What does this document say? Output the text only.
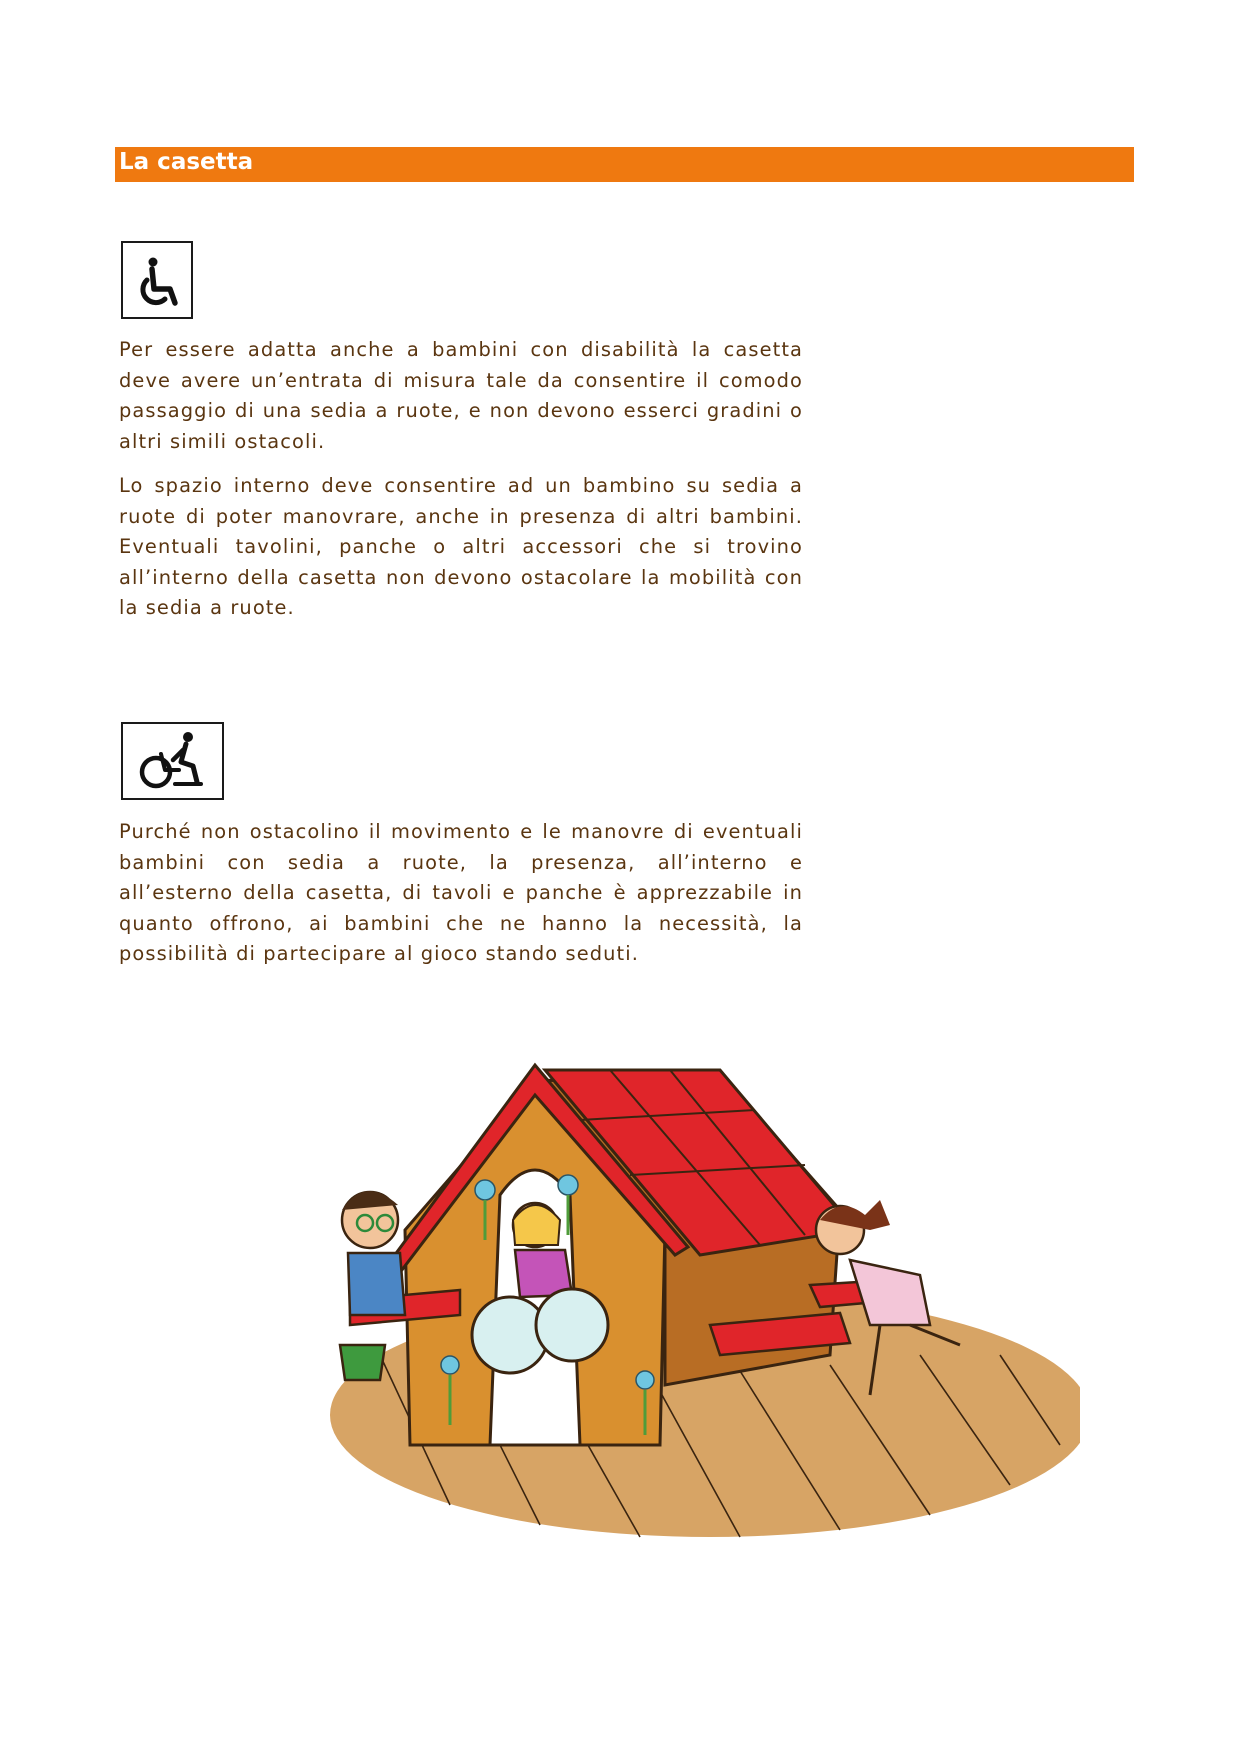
La casetta

Per essere adatta anche a bambini con disabilità la casetta deve avere un’entrata di misura tale da consentire il comodo passaggio di una sedia a ruote, e non devono esserci gradini o altri simili ostacoli.

Lo spazio interno deve consentire ad un bambino su sedia a ruote di poter manovrare, anche in presenza di altri bambini. Eventuali tavolini, panche o altri accessori che si trovino all’interno della casetta non devono ostacolare la mobilità con la sedia a ruote.

Purché non ostacolino il movimento e le manovre di eventuali bambini con sedia a ruote, la presenza, all’interno e all’esterno della casetta, di tavoli e panche è apprezzabile in quanto offrono, ai bambini che ne hanno la necessità, la possibilità di partecipare al gioco stando seduti.
